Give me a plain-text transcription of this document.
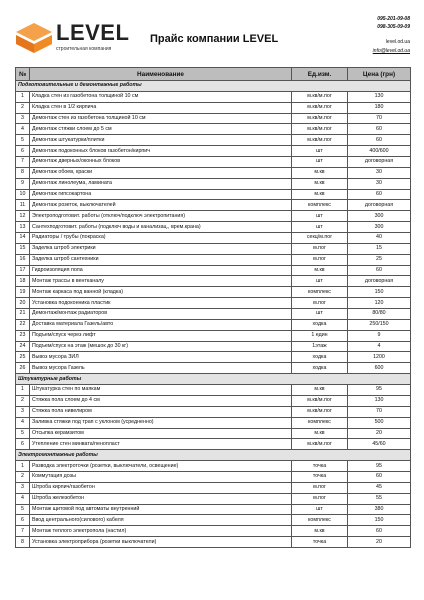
LEVEL
строительная компания
Прайс компании LEVEL
095-201-09-08
098-305-09-09
level.od.ua
info@level.od.ua
№	Наименование	Ед.изм.	Цена (грн)
Подготовительные и демонтажные работы			
1	Кладка стен из газобетона толщиной 10 см	м.кв/м.пог	130
2	Кладка стен в 1/2 кирпича	м.кв/м.пог	180
3	Демонтаж стен из газобетона толщиной 10 см	м.кв/м.пог	70
4	Демонтаж стяжки слоем до 5 см	м.кв/м.пог	60
5	Демонтаж штукатурки/плитки	м.кв/м.пог	60
6	Демонтаж подоконных блоков газобетон/кирпич	шт	400/600
7	Демонтаж дверных/оконных блоков	шт	договорная
8	Демонтаж обоев, краски	м.кв	30
9	Демонтаж линолеума, ламината	м.кв	30
10	Демонтаж гипсокартона	м.кв	60
11	Демонтаж розеток, выключателей	комплекс	договорная
12	Электроподготовит. работы (отключ/подключ электропитания)	шт	300
13	Сантехподготовит. работы (подключ воды и канализац., врем.крана)	шт	300
14	Радиаторы / трубы (покраска)	секц/м.пог	40
15	Заделка штроб электрики	м.пог	15
16	Заделка штроб сантехники	м.пог	25
17	Гидроизоляция пола	м.кв	60
18	Монтаж трассы в вентканалу	шт	договорная
19	Монтаж каркаса под ванной (кладка)	комплекс	150
20	Установка подоконника пластик	м.пог	120
21	Демонтаж/монтаж радиаторов	шт	80/80
22	Доставка материала Газель/авто	ходка	250/150
23	Подъем/спуск через лифт	1 един	9
24	Подъем/спуск на этаж (мешок до 30 кг)	1этаж	4
25	Вывоз мусора ЗИЛ	ходка	1200
26	Вывоз мусора Газель	ходка	600
Штукатурные работы			
1	Штукатурка стен по маякам	м.кв	95
2	Стяжка пола слоем до 4 см	м.кв/м.пог	130
3	Стяжка пола нивелиром	м.кв/м.пог	70
4	Заливка стяжки под трап с уклоном (усредненно)	комплекс	500
5	Отсыпка керамзитом	м.кв	20
6	Утепление стен минвата/пенопласт	м.кв/м.пог	45/60
Электромонтажные работы			
1	Разводка электроточки (розетки, выключатели, освещение)	точка	95
2	Коммутация дозы	точка	60
3	Штроба кирпич/газобетон	м.пог	45
4	Штроба железобетон	м.пог	55
5	Монтаж щитовой под автоматы внутренний	шт	380
6	Ввод центрального(силового) кабеля	комплекс	150
7	Монтаж теплого электропола (настил)	м.кв	60
8	Установка электроприбора (розетки выключатели)	точка	20
